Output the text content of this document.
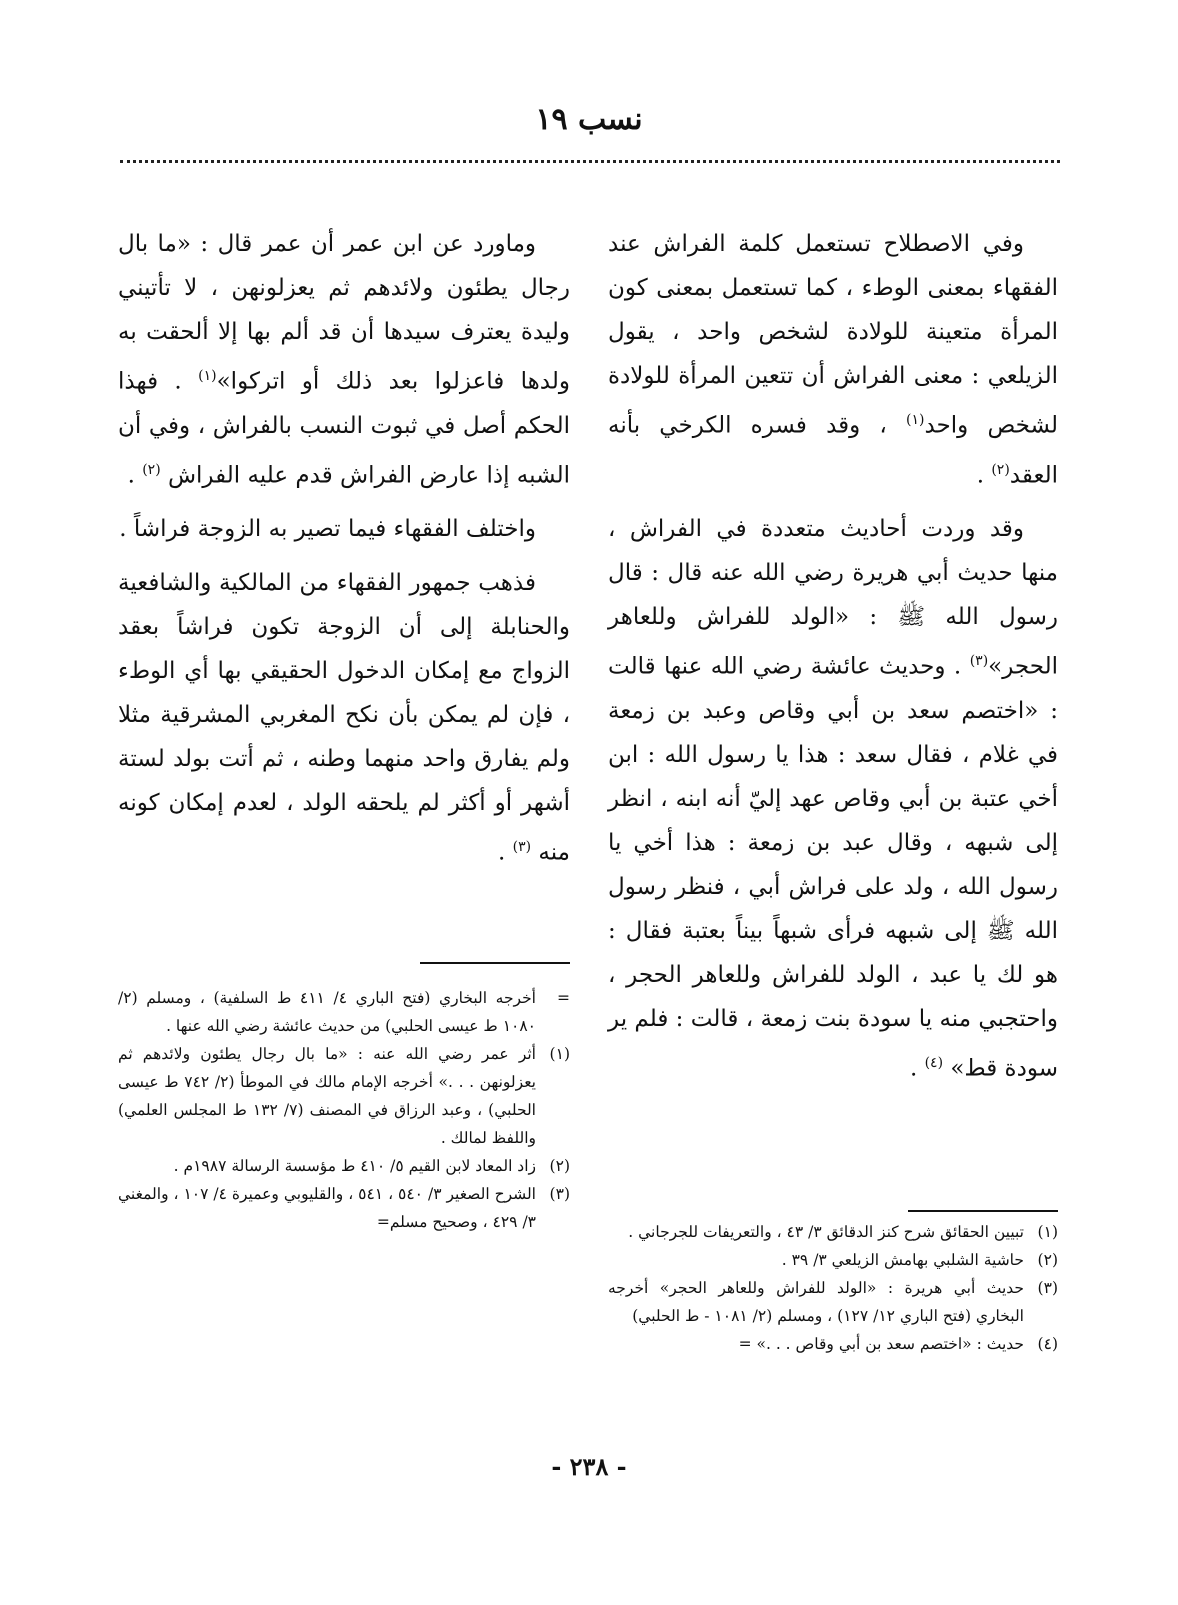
نسب ١٩

وفي الاصطلاح تستعمل كلمة الفراش عند الفقهاء بمعنى الوطء ، كما تستعمل بمعنى كون المرأة متعينة للولادة لشخص واحد ، يقول الزيلعي : معنى الفراش أن تتعين المرأة للولادة لشخص واحد$^{(١)}$ ، وقد فسره الكرخي بأنه العقد$^{(٢)}$ .

وقد وردت أحاديث متعددة في الفراش ، منها حديث أبي هريرة رضي الله عنه قال : قال رسول الله ﷺ : «الولد للفراش وللعاهر الحجر»$^{(٣)}$ . وحديث عائشة رضي الله عنها قالت : «اختصم سعد بن أبي وقاص وعبد بن زمعة في غلام ، فقال سعد : هذا يا رسول الله : ابن أخي عتبة بن أبي وقاص عهد إليّ أنه ابنه ، انظر إلى شبهه ، وقال عبد بن زمعة : هذا أخي يا رسول الله ، ولد على فراش أبي ، فنظر رسول الله ﷺ إلى شبهه فرأى شبهاً بيناً بعتبة فقال : هو لك يا عبد ، الولد للفراش وللعاهر الحجر ، واحتجبي منه يا سودة بنت زمعة ، قالت : فلم ير سودة قط» $^{(٤)}$ .

وماورد عن ابن عمر أن عمر قال : «ما بال رجال يطئون ولائدهم ثم يعزلونهن ، لا تأتيني وليدة يعترف سيدها أن قد ألم بها إلا ألحقت به ولدها فاعزلوا بعد ذلك أو اتركوا»$^{(١)}$ . فهذا الحكم أصل في ثبوت النسب بالفراش ، وفي أن الشبه إذا عارض الفراش قدم عليه الفراش $^{(٢)}$ .

واختلف الفقهاء فيما تصير به الزوجة فراشاً .

فذهب جمهور الفقهاء من المالكية والشافعية والحنابلة إلى أن الزوجة تكون فراشاً بعقد الزواج مع إمكان الدخول الحقيقي بها أي الوطء ، فإن لم يمكن بأن نكح المغربي المشرقية مثلا ولم يفارق واحد منهما وطنه ، ثم أتت بولد لستة أشهر أو أكثر لم يلحقه الولد ، لعدم إمكان كونه منه $^{(٣)}$ .

(١)
تبيين الحقائق شرح كنز الدقائق ٣/ ٤٣ ، والتعريفات للجرجاني .
(٢)
حاشية الشلبي بهامش الزيلعي ٣/ ٣٩ .
(٣)
حديث أبي هريرة : «الولد للفراش وللعاهر الحجر» أخرجه البخاري (فتح الباري ١٢/ ١٢٧) ، ومسلم (٢/ ١٠٨١ - ط الحلبي)
(٤)
حديث : «اختصم سعد بن أبي وقاص . . .» =
=
أخرجه البخاري (فتح الباري ٤/ ٤١١ ط السلفية) ، ومسلم (٢/ ١٠٨٠ ط عيسى الحلبي) من حديث عائشة رضي الله عنها .
(١)
أثر عمر رضي الله عنه : «ما بال رجال يطئون ولائدهم ثم يعزلونهن . . .» أخرجه الإمام مالك في الموطأ (٢/ ٧٤٢ ط عيسى الحلبي) ، وعبد الرزاق في المصنف (٧/ ١٣٢ ط المجلس العلمي) واللفظ لمالك .
(٢)
زاد المعاد لابن القيم ٥/ ٤١٠ ط مؤسسة الرسالة ١٩٨٧م .
(٣)
الشرح الصغير ٣/ ٥٤٠ ، ٥٤١ ، والقليوبي وعميرة ٤/ ١٠٧ ، والمغني ٣/ ٤٢٩ ، وصحيح مسلم=
- ٢٣٨ -
